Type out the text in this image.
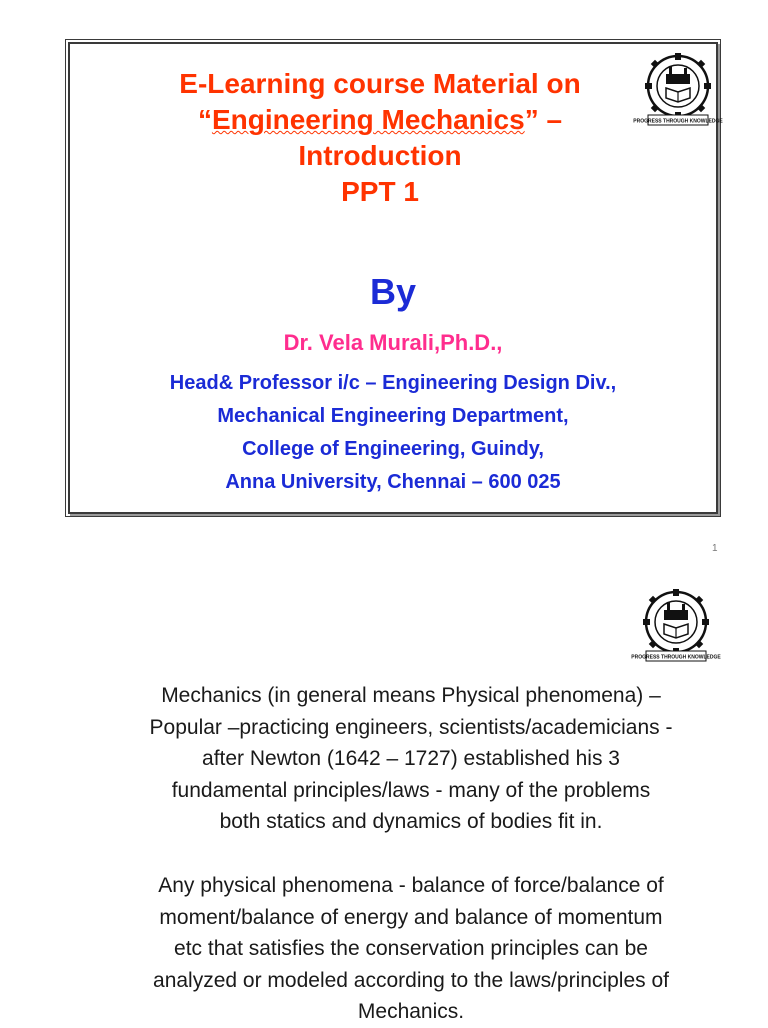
E-Learning course Material on
“Engineering Mechanics” –
Introduction
PPT 1
PROGRESS THROUGH KNOWLEDGE
By
Dr. Vela Murali,Ph.D.,
Head& Professor i/c – Engineering Design Div.,
Mechanical Engineering Department,
College of Engineering, Guindy,
Anna University, Chennai – 600 025
1
PROGRESS THROUGH KNOWLEDGE
Mechanics (in general means Physical phenomena) –
Popular –practicing engineers, scientists/academicians -
after Newton (1642 – 1727) established his 3
fundamental principles/laws - many of the problems
both statics and dynamics of bodies fit in.
Any physical phenomena - balance of force/balance of
moment/balance of energy and balance of momentum
etc that satisfies the conservation principles can be
analyzed or modeled according to the laws/principles of
Mechanics.
